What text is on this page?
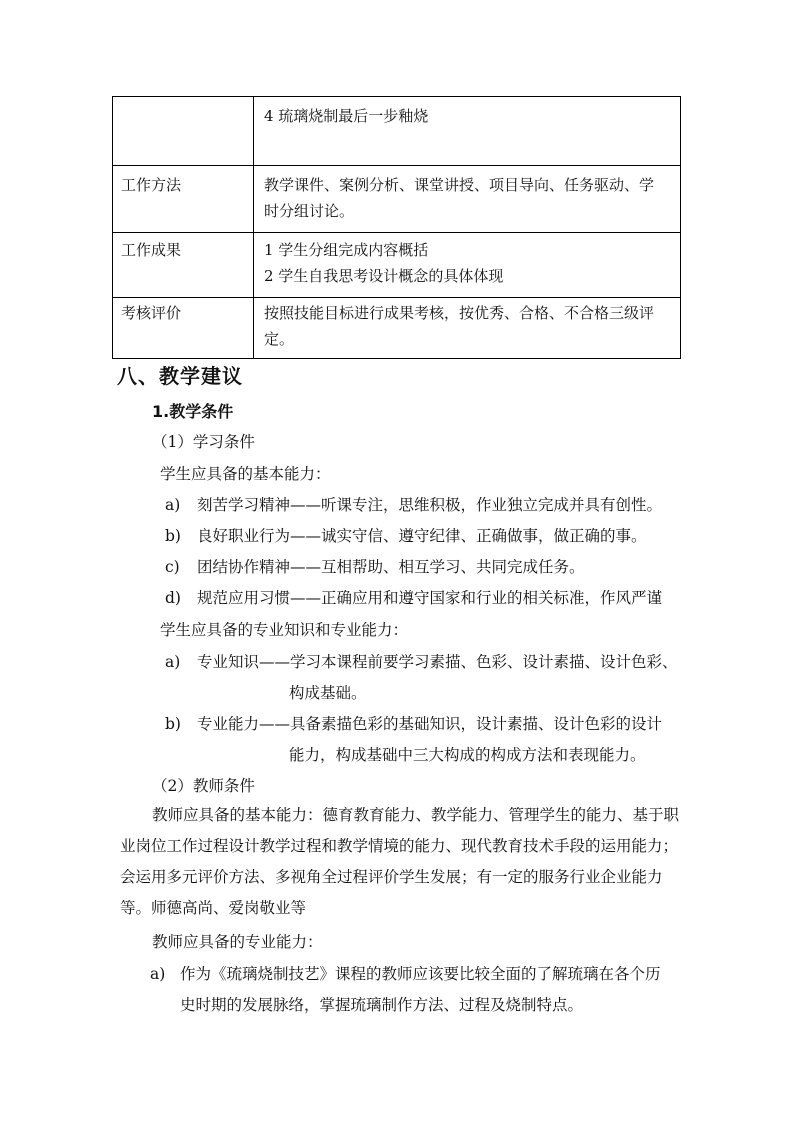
	4 琉璃烧制最后一步釉烧

工作方法	教学课件、案例分析、课堂讲授、项目导向、任务驱动、学
时分组讨论。

工作成果	1 学生分组完成内容概括
2 学生自我思考设计概念的具体体现

考核评价	按照技能目标进行成果考核，按优秀、合格、不合格三级评
定。
八、教学建议
1.教学条件
（1）学习条件
学生应具备的基本能力：
a) 刻苦学习精神——听课专注，思维积极，作业独立完成并具有创性。
b) 良好职业行为——诚实守信、遵守纪律、正确做事，做正确的事。
c) 团结协作精神——互相帮助、相互学习、共同完成任务。
d) 规范应用习惯——正确应用和遵守国家和行业的相关标准，作风严谨
学生应具备的专业知识和专业能力：
a) 专业知识——学习本课程前要学习素描、色彩、设计素描、设计色彩、
构成基础。
b) 专业能力——具备素描色彩的基础知识，设计素描、设计色彩的设计
能力，构成基础中三大构成的构成方法和表现能力。
（2）教师条件
教师应具备的基本能力：德育教育能力、教学能力、管理学生的能力、基于职业岗位工作过程设计教学过程和教学情境的能力、现代教育技术手段的运用能力；会运用多元评价方法、多视角全过程评价学生发展；有一定的服务行业企业能力等。师德高尚、爱岗敬业等
教师应具备的专业能力：
a) 作为《琉璃烧制技艺》课程的教师应该要比较全面的了解琉璃在各个历
史时期的发展脉络，掌握琉璃制作方法、过程及烧制特点。
